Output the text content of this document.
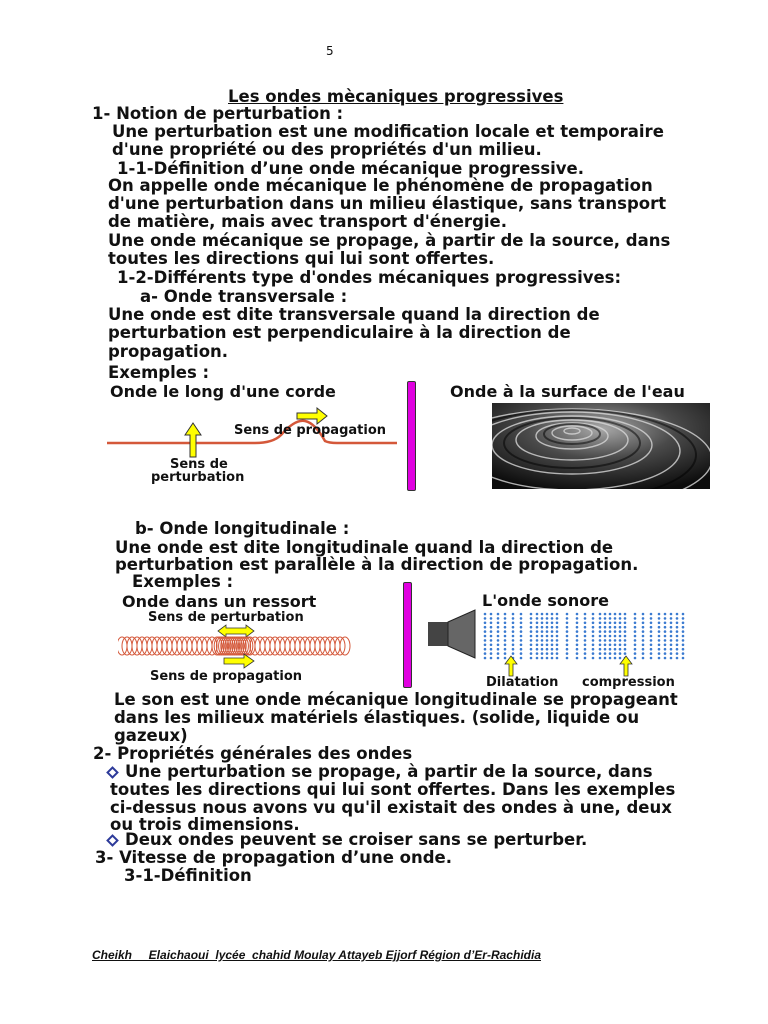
5
Les ondes mècaniques progressives
1- Notion de perturbation :
Une perturbation est une modification locale et temporaire
d'une propriété ou des propriétés d'un milieu.
1-1-Définition d’une onde mécanique progressive.
On appelle onde mécanique le phénomène de propagation
d'une perturbation dans un milieu élastique, sans transport
de matière, mais avec transport d'énergie.
Une onde mécanique se propage, à partir de la source, dans
toutes les directions qui lui sont offertes.
1-2-Différents type d'ondes mécaniques progressives:
a- Onde transversale :
Une onde est dite transversale quand la direction de
perturbation est perpendiculaire à la direction de
propagation.
Exemples :
Onde le long d'une corde	Onde à la surface de l'eau
Sens de propagation
Sens de
perturbation
b- Onde longitudinale :
Une onde est dite longitudinale quand la direction de
perturbation est parallèle à la direction de propagation.
Exemples :
Onde dans un ressort
Sens de perturbation
Sens de propagation
L'onde sonore
Dilatation compression
Le son est une onde mécanique longitudinale se propageant
dans les milieux matériels élastiques. (solide, liquide ou
gazeux)
2- Propriétés générales des ondes
Une perturbation se propage, à partir de la source, dans
toutes les directions qui lui sont offertes. Dans les exemples
ci-dessus nous avons vu qu'il existait des ondes à une, deux
ou trois dimensions.
Deux ondes peuvent se croiser sans se perturber.
3- Vitesse de propagation d’une onde.
3-1-Définition
Cheikh     Elaichaoui  lycée  chahid Moulay Attayeb Ejjorf Région d’Er-Rachidia
